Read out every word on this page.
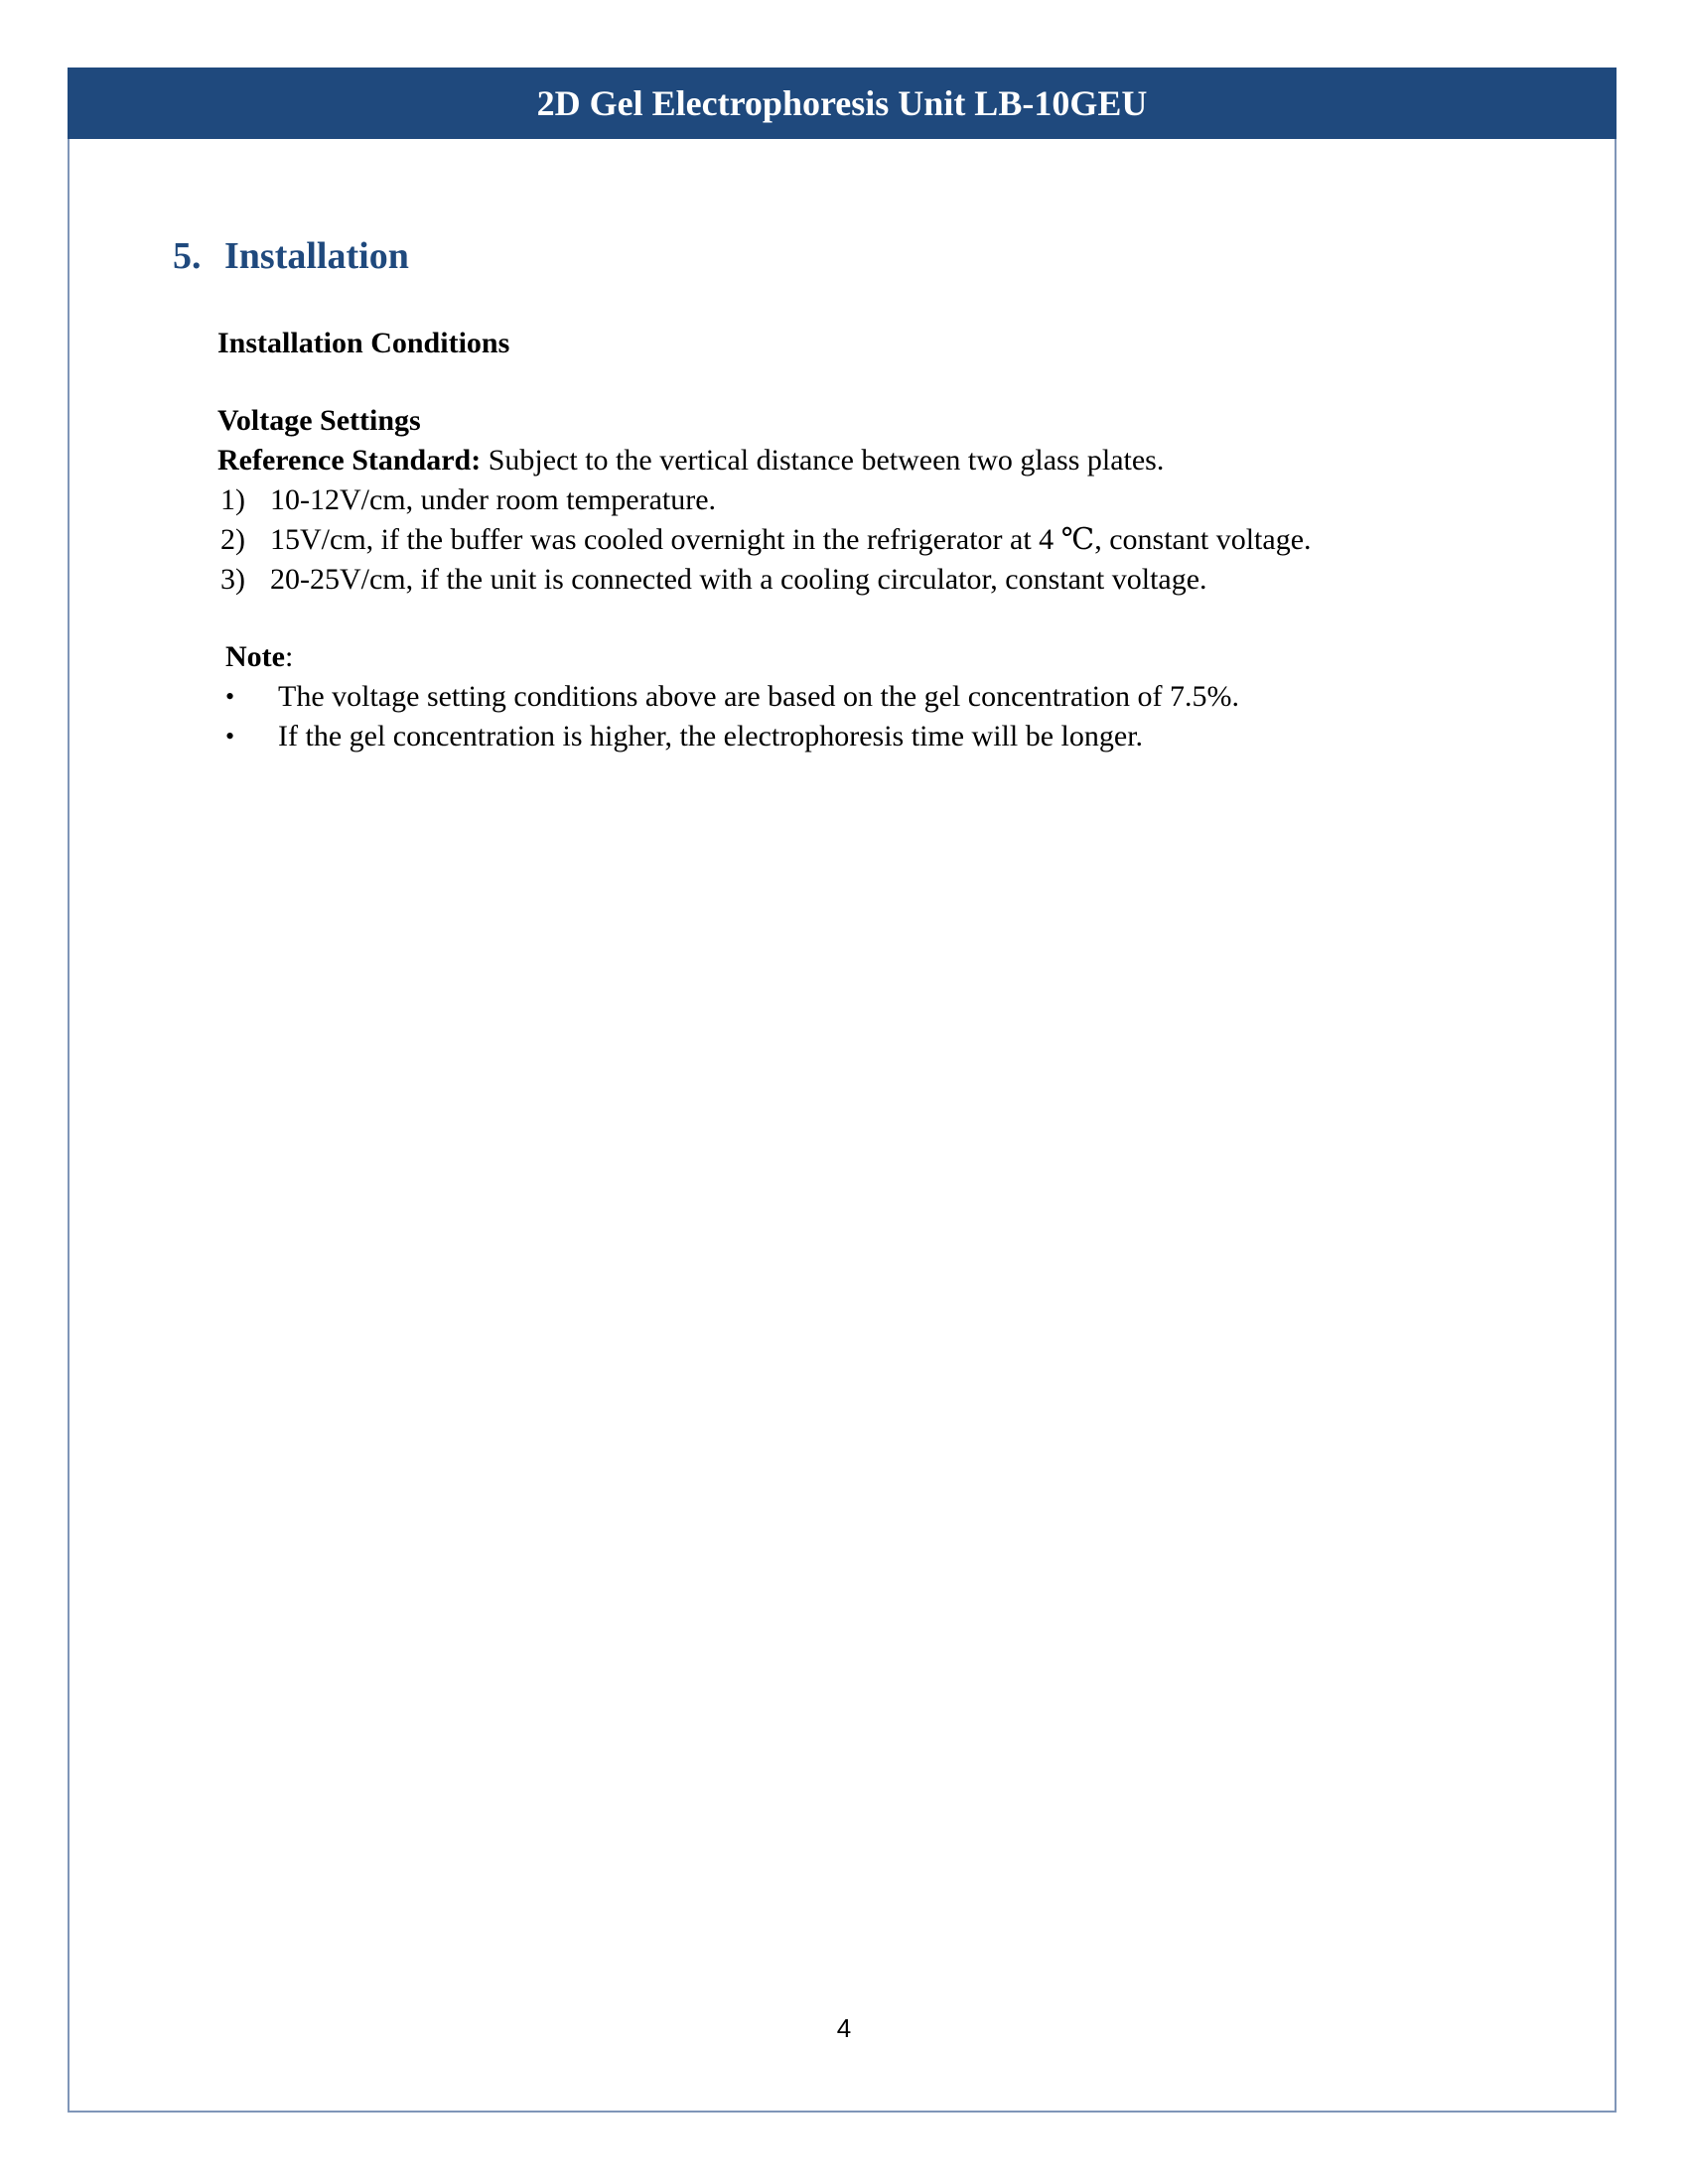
2D Gel Electrophoresis Unit LB-10GEU
5. Installation

Installation Conditions

Voltage Settings

Reference Standard: Subject to the vertical distance between two glass plates.

1) 10-12V/cm, under room temperature.
2) 15V/cm, if the buffer was cooled overnight in the refrigerator at 4 ℃, constant voltage.
3) 20-25V/cm, if the unit is connected with a cooling circulator, constant voltage.

Note:

•	The voltage setting conditions above are based on the gel concentration of 7.5%.
•	If the gel concentration is higher, the electrophoresis time will be longer.
4
